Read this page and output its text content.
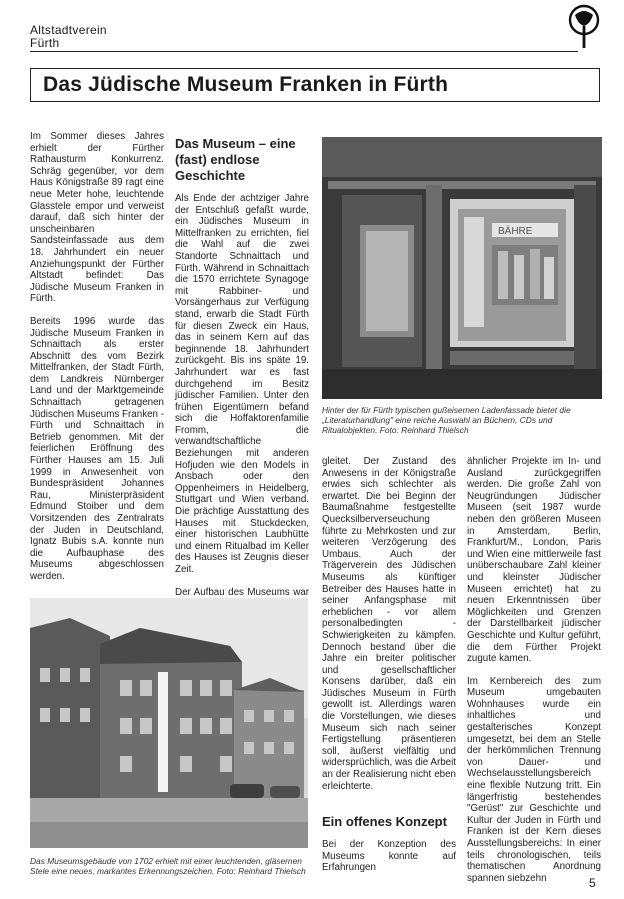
Altstadtverein
Fürth
Das Jüdische Museum Franken in Fürth

Im Sommer dieses Jahres erhielt der Fürther Rathausturm Konkurrenz. Schräg gegenüber, vor dem Haus Königstraße 89 ragt eine neue Meter hohe, leuchtende Glasstele empor und verweist darauf, daß sich hinter der unscheinbaren Sandsteinfassade aus dem 18. Jahrhundert ein neuer Anziehungspunkt der Fürther Altstadt befindet: Das Jüdische Museum Franken in Fürth.

Bereits 1996 wurde das Jüdische Museum Franken in Schnaittach als erster Abschnitt des vom Bezirk Mittelfranken, der Stadt Fürth, dem Landkreis Nürnberger Land und der Marktgemeinde Schnaittach getragenen Jüdischen Museums Franken - Fürth und Schnaittach in Betrieb genommen. Mit der feierlichen Eröffnung des Fürther Hauses am 15. Juli 1999 in Anwesenheit von Bundespräsident Johannes Rau, Ministerpräsident Edmund Stoiber und dem Vorsitzenden des Zentralrats der Juden in Deutschland, Ignatz Bubis s.A. konnte nun die Aufbauphase des Museums abgeschlossen werden.

Das Museum – eine (fast) endlose Geschichte

Als Ende der achtziger Jahre der Entschluß gefaßt wurde, ein Jüdisches Museum in Mittelfranken zu errichten, fiel die Wahl auf die zwei Standorte Schnaittach und Fürth. Während in Schnaittach die 1570 errichtete Synagoge mit Rabbiner- und Vorsängerhaus zur Verfügung stand, erwarb die Stadt Fürth für diesen Zweck ein Haus, das in seinem Kern auf das beginnende 18. Jahrhundert zurückgeht. Bis ins späte 19. Jahrhundert war es fast durchgehend im Besitz jüdischer Familien. Unter den frühen Eigentümern befand sich die Hoffaktorenfamilie Fromm, die verwandtschaftliche Beziehungen mit anderen Hofjuden wie den Models in Ansbach oder den Oppenheimers in Heidelberg, Stuttgart und Wien verband. Die prächtige Ausstattung des Hauses mit Stuckdecken, einer historischen Laubhütte und einem Ritualbad im Keller des Hauses ist Zeugnis dieser Zeit.

Der Aufbau des Museums war

BÄHRE
Hinter der für Fürth typischen gußeisernen Ladenfassade bietet die „Literaturhandlung" eine reiche Auswahl an Büchern, CDs und Ritualobjekten. Foto: Reinhard Thielsch

gleitet. Der Zustand des Anwesens in der Königstraße erwies sich schlechter als erwartet. Die bei Beginn der Baumaßnahme festgestellte Quecksilberverseuchung führte zu Mehrkosten und zur weiteren Verzögerung des Umbaus. Auch der Trägerverein des Jüdischen Museums als künftiger Betreiber des Hauses hatte in seiner Anfangsphase mit erheblichen - vor allem personalbedingten - Schwierigkeiten zu kämpfen. Dennoch bestand über die Jahre ein breiter politischer und gesellschaftlicher Konsens darüber, daß ein Jüdisches Museum in Fürth gewollt ist. Allerdings waren die Vorstellungen, wie dieses Museum sich nach seiner Fertigstellung präsentieren soll, äußerst vielfältig und widersprüchlich, was die Arbeit an der Realisierung nicht eben erleichterte.

Ein offenes Konzept

Bei der Konzeption des Museums konnte auf Erfahrungen

ähnlicher Projekte im In- und Ausland zurückgegriffen werden. Die große Zahl von Neugründungen Jüdischer Museen (seit 1987 wurde neben den größeren Museen in Amsterdam, Berlin, Frankfurt/M., London, Paris und Wien eine mittlerweile fast unüberschaubare Zahl kleiner und kleinster Jüdischer Museen errichtet) hat zu neuen Erkenntnissen über Möglichkeiten und Grenzen der Darstellbarkeit jüdischer Geschichte und Kultur geführt, die dem Fürther Projekt zugute kamen.

Im Kernbereich des zum Museum umgebauten Wohnhauses wurde ein inhaltliches und gestalterisches Konzept umgesetzt, bei dem an Stelle der herkömmlichen Trennung von Dauer- und Wechselausstellungsbereich eine flexible Nutzung tritt. Ein längerfristig bestehendes "Gerüst" zur Geschichte und Kultur der Juden in Fürth und Franken ist der Kern dieses Ausstellungsbereichs: In einer teils chronologischen, teils thematischen Anordnung spannen siebzehn

Das Museumsgebäude von 1702 erhielt mit einer leuchtenden, gläsernen Stele eine neues, markantes Erkennungszeichen. Foto: Reinhard Thielsch
5
